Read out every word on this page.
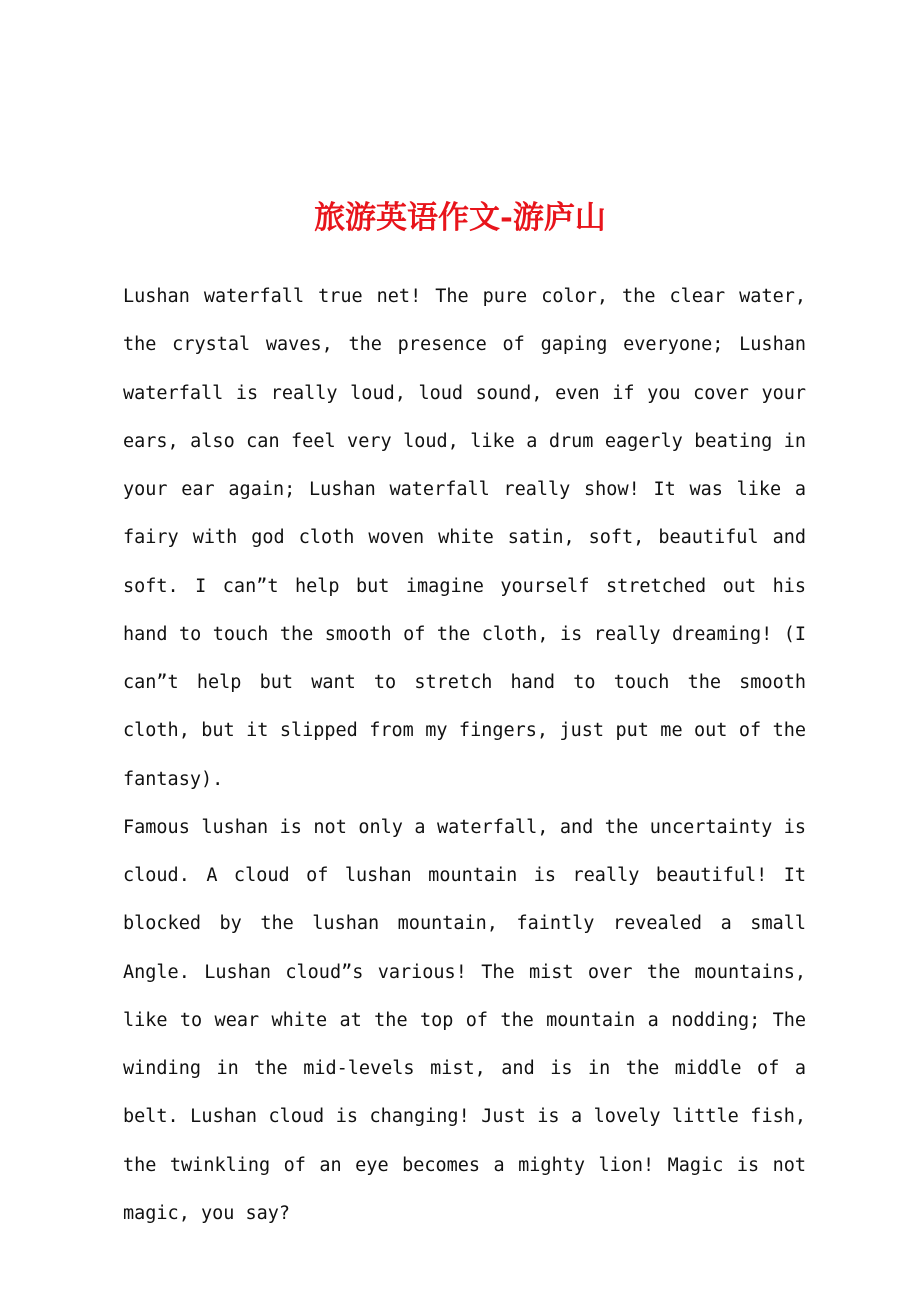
旅游英语作文-游庐山

Lushan waterfall true net! The pure color, the clear water, the crystal waves, the presence of gaping everyone; Lushan waterfall is really loud, loud sound, even if you cover your ears, also can feel very loud, like a drum eagerly beating in your ear again; Lushan waterfall really show! It was like a fairy with god cloth woven white satin, soft, beautiful and soft. I can”t help but imagine yourself stretched out his hand to touch the smooth of the cloth, is really dreaming! (I can”t help but want to stretch hand to touch the smooth cloth, but it slipped from my fingers, just put me out of the fantasy).

Famous lushan is not only a waterfall, and the uncertainty is cloud. A cloud of lushan mountain is really beautiful! It blocked by the lushan mountain, faintly revealed a small Angle. Lushan cloud”s various! The mist over the mountains, like to wear white at the top of the mountain a nodding; The winding in the mid-levels mist, and is in the middle of a belt. Lushan cloud is changing! Just is a lovely little fish, the twinkling of an eye becomes a mighty lion! Magic is not magic, you say?
